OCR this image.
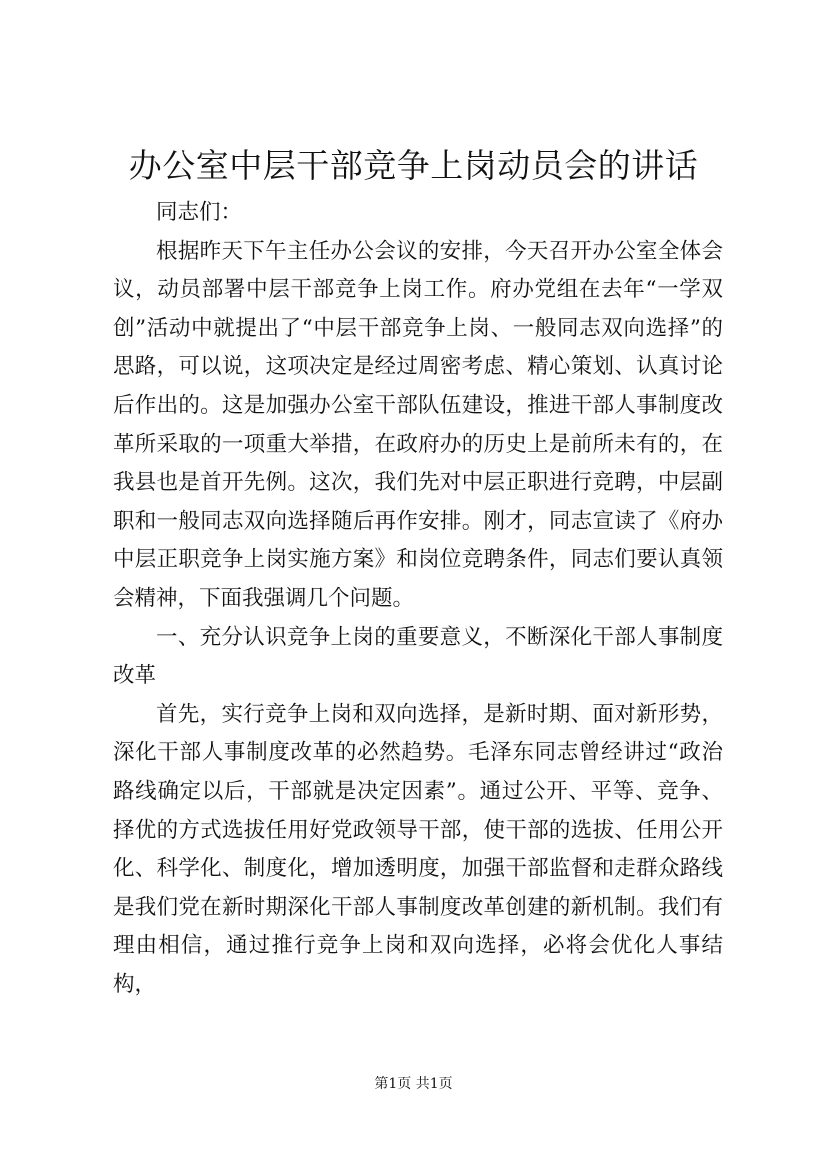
办公室中层干部竞争上岗动员会的讲话

同志们：

根据昨天下午主任办公会议的安排，今天召开办公室全体会议，动员部署中层干部竞争上岗工作。府办党组在去年“一学双创”活动中就提出了“中层干部竞争上岗、一般同志双向选择”的思路，可以说，这项决定是经过周密考虑、精心策划、认真讨论后作出的。这是加强办公室干部队伍建设，推进干部人事制度改革所采取的一项重大举措，在政府办的历史上是前所未有的，在我县也是首开先例。这次，我们先对中层正职进行竞聘，中层副职和一般同志双向选择随后再作安排。刚才，同志宣读了《府办中层正职竞争上岗实施方案》和岗位竞聘条件，同志们要认真领会精神，下面我强调几个问题。

一、充分认识竞争上岗的重要意义，不断深化干部人事制度改革

首先，实行竞争上岗和双向选择，是新时期、面对新形势，深化干部人事制度改革的必然趋势。毛泽东同志曾经讲过“政治路线确定以后，干部就是决定因素”。通过公开、平等、竞争、择优的方式选拔任用好党政领导干部，使干部的选拔、任用公开化、科学化、制度化，增加透明度，加强干部监督和走群众路线是我们党在新时期深化干部人事制度改革创建的新机制。我们有理由相信，通过推行竞争上岗和双向选择，必将会优化人事结构，

第1页 共1页
